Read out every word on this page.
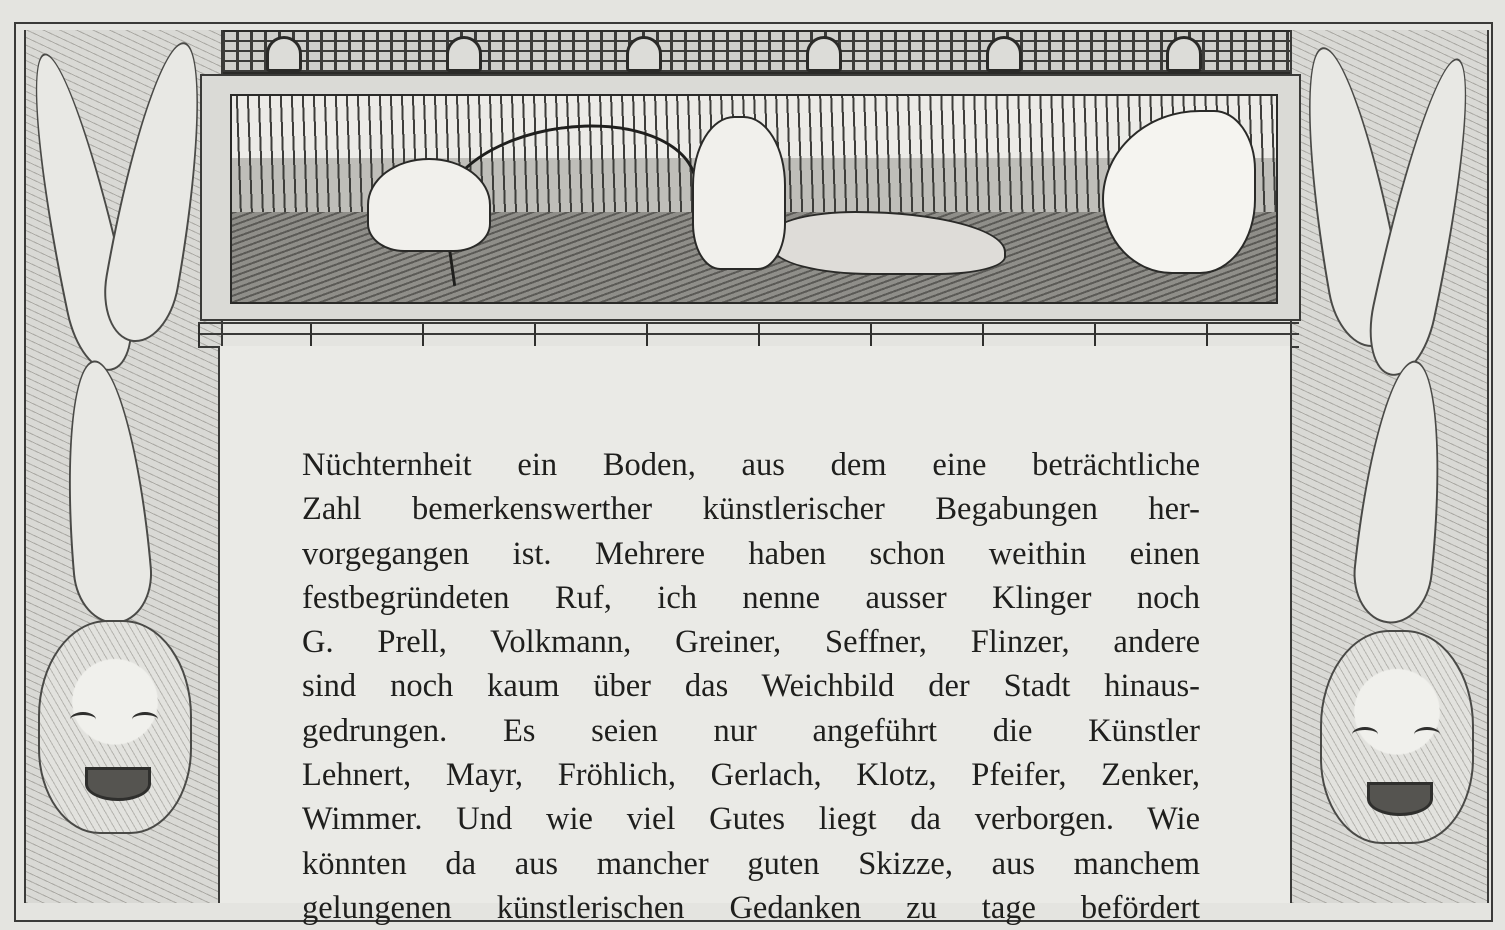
Nüchternheit ein Boden, aus dem eine beträchtliche
Zahl bemerkenswerther künstlerischer Begabungen her-
vorgegangen ist. Mehrere haben schon weithin einen
festbegründeten Ruf, ich nenne ausser Klinger noch
G. Prell, Volkmann, Greiner, Seffner, Flinzer, andere
sind noch kaum über das Weichbild der Stadt hinaus-
gedrungen. Es seien nur angeführt die Künstler
Lehnert, Mayr, Fröhlich, Gerlach, Klotz, Pfeifer, Zenker,
Wimmer. Und wie viel Gutes liegt da verborgen. Wie
könnten da aus mancher guten Skizze, aus manchem
gelungenen künstlerischen Gedanken zu tage befördert
